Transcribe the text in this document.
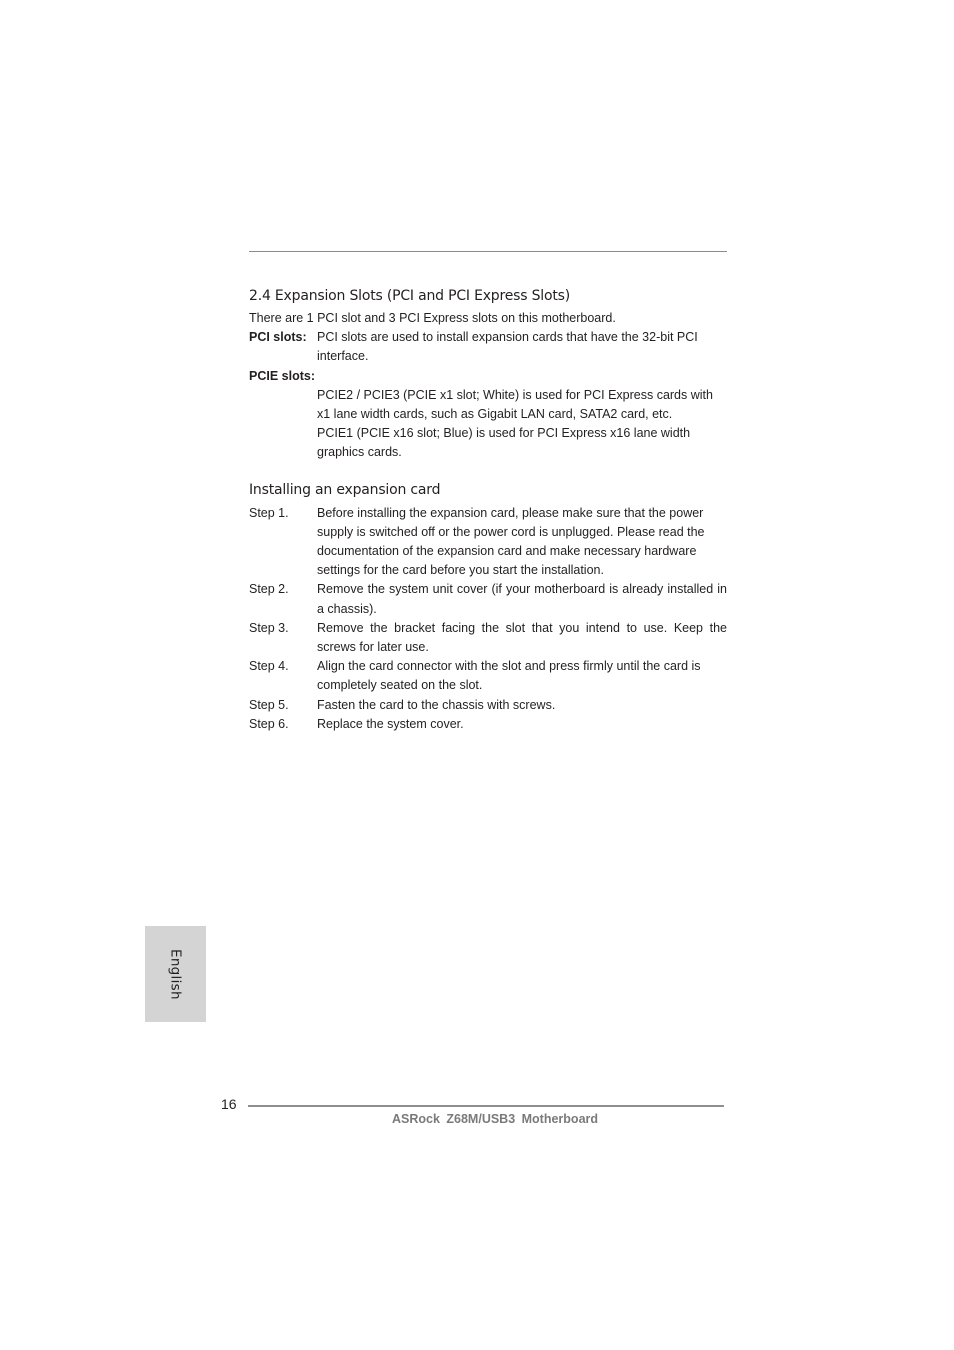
2.4 Expansion Slots (PCI and PCI Express Slots)
There are 1 PCI slot and 3 PCI Express slots on this motherboard.
PCI slots: PCI slots are used to install expansion cards that have the 32-bit PCI interface.
PCIE slots:
PCIE2 / PCIE3 (PCIE x1 slot; White) is used for PCI Express cards with x1 lane width cards, such as Gigabit LAN card, SATA2 card, etc.
PCIE1 (PCIE x16 slot; Blue) is used for PCI Express x16 lane width graphics cards.
Installing an expansion card
Step 1.	Before installing the expansion card, please make sure that the power supply is switched off or the power cord is unplugged. Please read the documentation of the expansion card and make necessary hardware settings for the card before you start the installation.
Step 2.	Remove the system unit cover (if your motherboard is already installed in a chassis).
Step 3.	Remove the bracket facing the slot that you intend to use. Keep the screws for later use.
Step 4.	Align the card connector with the slot and press firmly until the card is completely seated on the slot.
Step 5.	Fasten the card to the chassis with screws.
Step 6.	Replace the system cover.
English
16
ASRock Z68M/USB3 Motherboard
